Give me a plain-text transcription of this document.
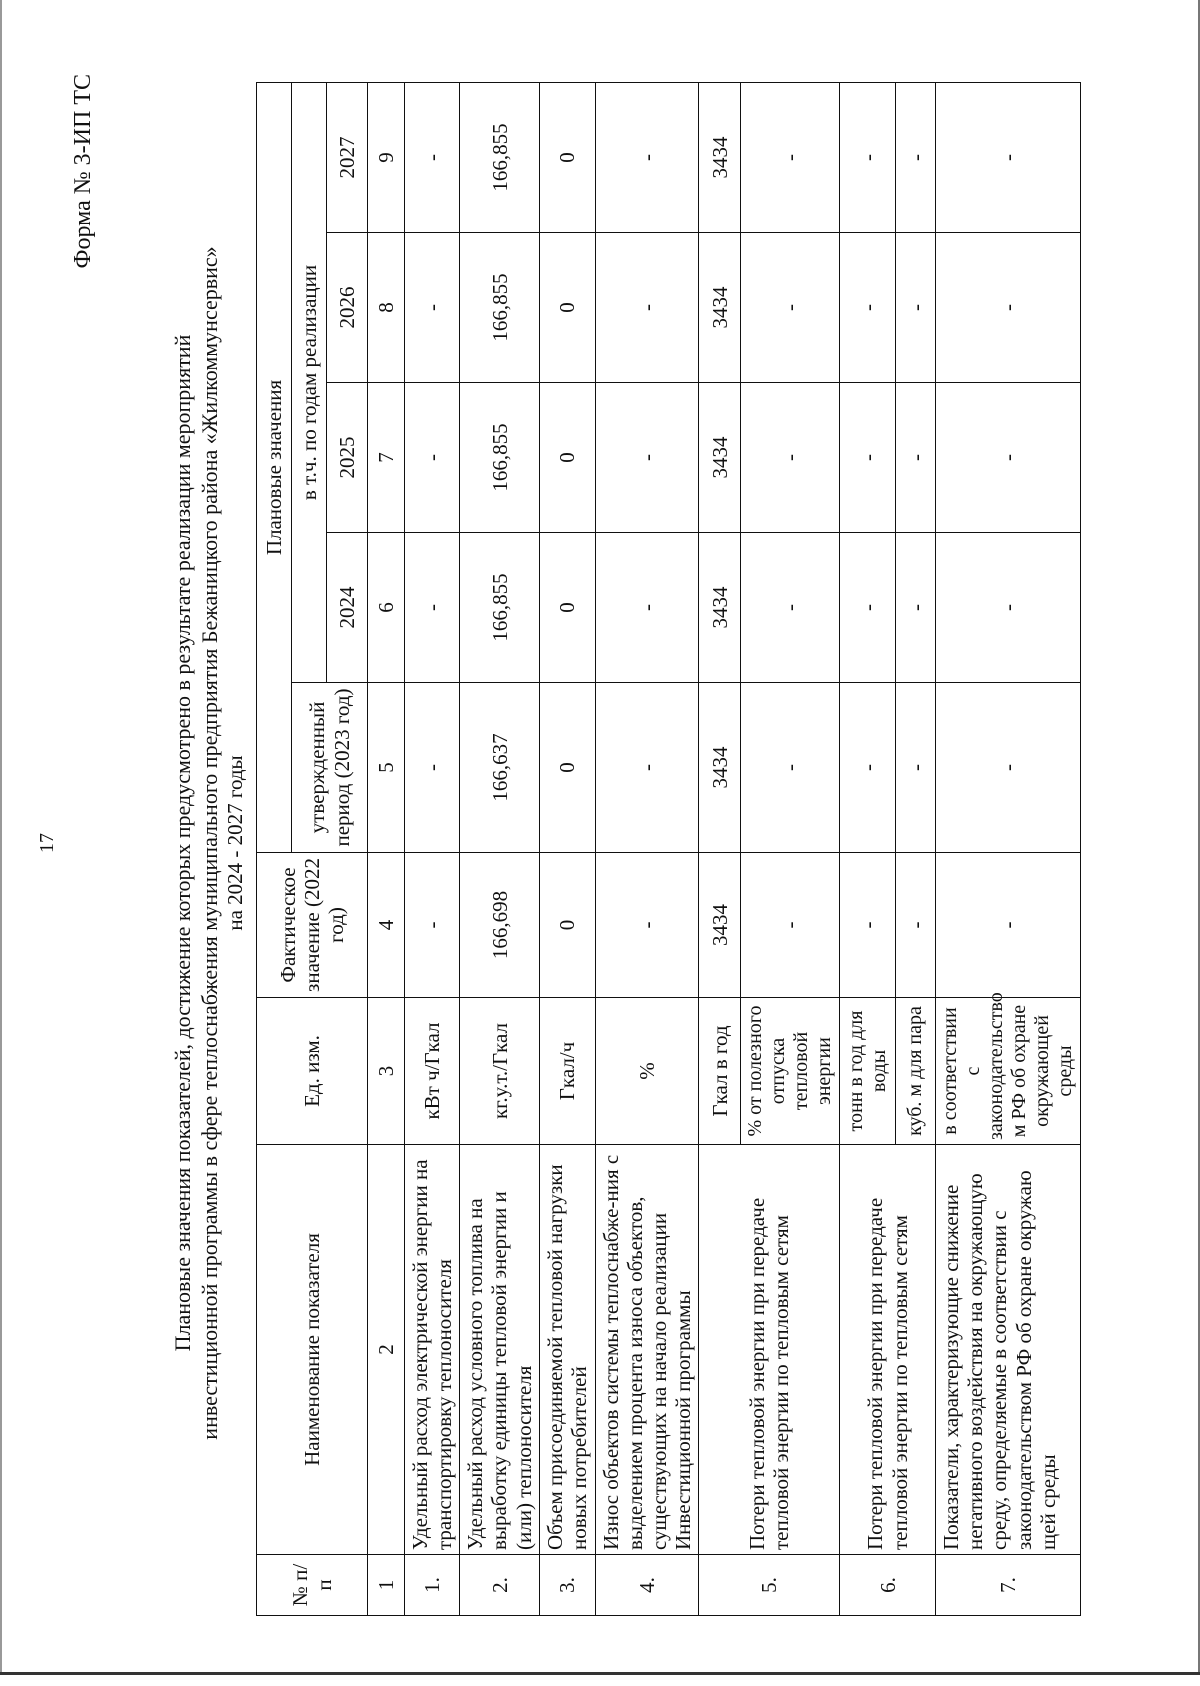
17
Форма № 3-ИП ТС
Плановые значения показателей, достижение которых предусмотрено в результате реализации мероприятий инвестиционной программы в сфере теплоснабжения муниципального предприятия Бежаницкого района «Жилкоммунсервис» на 2024 - 2027 годы
№ п/п	Наименование показателя	Ед. изм.	Фактическое значение (2022 год)	Плановые значения				
				утвержденный период (2023 год)	в т.ч. по годам реализации			
					2024	2025	2026	2027
1	2	3	4	5	6	7	8	9
1.	Удельный расход электрической энергии на транспортировку теплоносителя	кВт ч/Гкал	-	-	-	-	-	-
2.	Удельный расход условного топлива на выработку единицы тепловой энергии и (или) теплоносителя	кг.у.т./Гкал	166,698	166,637	166,855	166,855	166,855	166,855
3.	Объем присоединяемой тепловой нагрузки новых потребителей	Гкал/ч	0	0	0	0	0	0
4.	Износ объектов системы теплоснабже-ния с выделением процента износа объектов, существующих на начало реализации Инвестиционной программы	%	-	-	-	-	-	-
5.	Потери тепловой энергии при передаче тепловой энергии по тепловым сетям	Гкал в год	3434	3434	3434	3434	3434	3434
		% от полезного отпуска тепловой энергии	-	-	-	-	-	-
6.	Потери тепловой энергии при передаче тепловой энергии по тепловым сетям	тонн в год для воды	-	-	-	-	-	-
		куб. м для пара	-	-	-	-	-	-
7.	Показатели, характеризующие снижение негативного воздействия на окружающую среду, определяемые в соответствии с законодательством РФ об охране окружаю щей среды	в соответствии с законодательство м РФ об охране окружающей среды	-	-	-	-	-	-
